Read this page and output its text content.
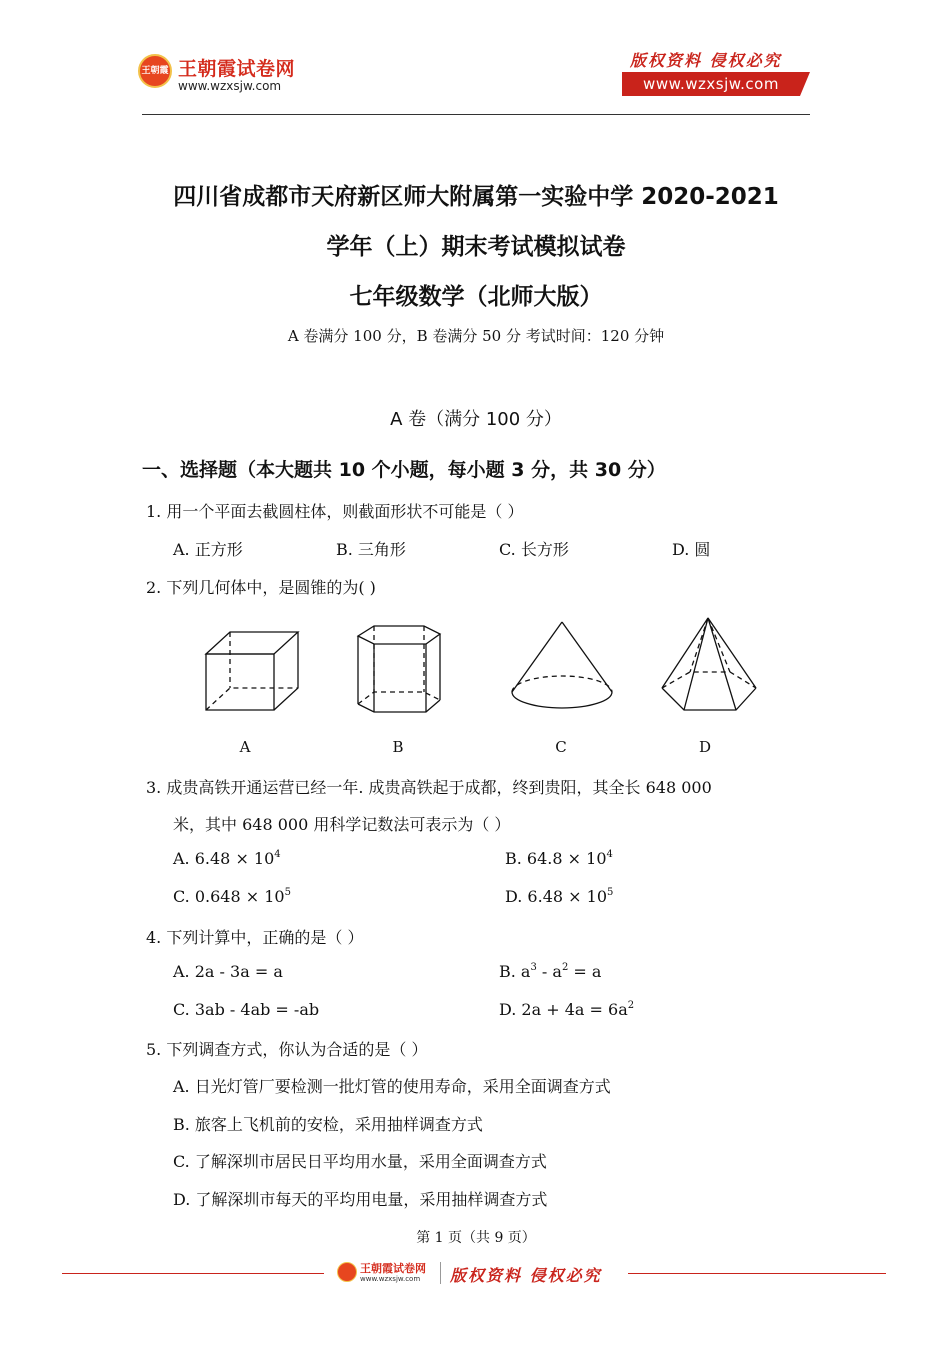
王朝霞 王朝霞试卷网
www.wzxsjw.com
版权资料 侵权必究
www.wzxsjw.com
四川省成都市天府新区师大附属第一实验中学 2020-2021
学年（上）期末考试模拟试卷
七年级数学（北师大版）
A 卷满分 100 分，B 卷满分 50 分 考试时间：120 分钟
A 卷（满分 100 分）
一、选择题（本大题共 10 个小题，每小题 3 分，共 30 分）
1. 用一个平面去截圆柱体，则截面形状不可能是（ ）
A. 正方形	B. 三角形	C. 长方形	D. 圆
2. 下列几何体中，是圆锥的为( )
A	B	C	D
3. 成贵高铁开通运营已经一年. 成贵高铁起于成都，终到贵阳，其全长 648 000
米，其中 648 000 用科学记数法可表示为（ ）
A. $6.48 \times 10^4$	B. $64.8 \times 10^4$
C. $0.648 \times 10^5$	D. $6.48 \times 10^5$
4. 下列计算中，正确的是（ ）
A. 2a - 3a = a	B. $a^3 - a^2 = a$
C. 3ab - 4ab = -ab	D. $2a + 4a = 6a^2$
5. 下列调查方式，你认为合适的是（ ）
A. 日光灯管厂要检测一批灯管的使用寿命，采用全面调查方式
B. 旅客上飞机前的安检，采用抽样调查方式
C. 了解深圳市居民日平均用水量，采用全面调查方式
D. 了解深圳市每天的平均用电量，采用抽样调查方式
第 1 页（共 9 页）
王朝霞试卷网
www.wzxsjw.com 版权资料 侵权必究
